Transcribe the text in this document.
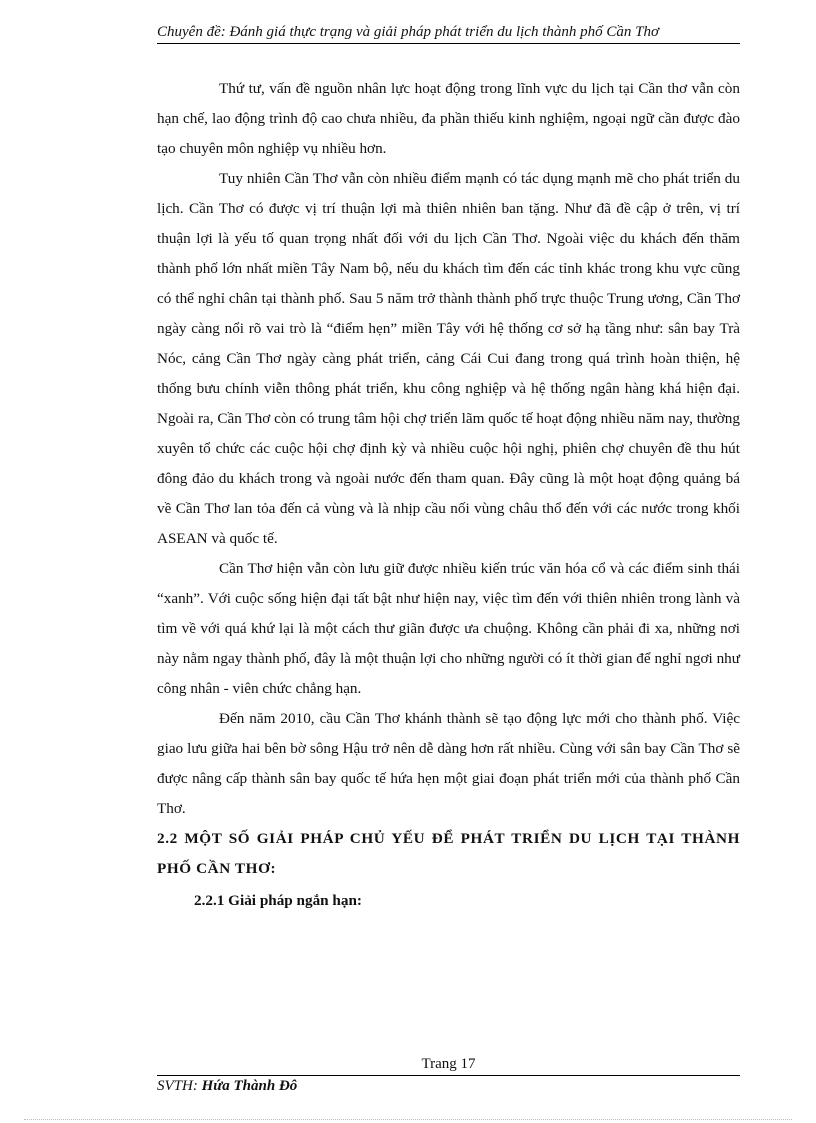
Chuyên đề: Đánh giá thực trạng và giải pháp phát triển du lịch thành phố Cần Thơ

Thứ tư, vấn đề nguồn nhân lực hoạt động trong lĩnh vực du lịch tại Cần thơ vẫn còn hạn chế, lao động trình độ cao chưa nhiều, đa phần thiếu kinh nghiệm, ngoại ngữ cần được đào tạo chuyên môn nghiệp vụ nhiều hơn.

Tuy nhiên Cần Thơ vẫn còn nhiều điểm mạnh có tác dụng mạnh mẽ cho phát triển du lịch. Cần Thơ có được vị trí thuận lợi mà thiên nhiên ban tặng. Như đã đề cập ở trên, vị trí thuận lợi là yếu tố quan trọng nhất đối với du lịch Cần Thơ. Ngoài việc du khách đến thăm thành phố lớn nhất miền Tây Nam bộ, nếu du khách tìm đến các tỉnh khác trong khu vực cũng có thể nghỉ chân tại thành phố. Sau 5 năm trở thành thành phố trực thuộc Trung ương, Cần Thơ ngày càng nổi rõ vai trò là “điểm hẹn” miền Tây với hệ thống cơ sở hạ tầng như: sân bay Trà Nóc, cảng Cần Thơ ngày càng phát triển, cảng Cái Cui đang trong quá trình hoàn thiện, hệ thống bưu chính viễn thông phát triển, khu công nghiệp và hệ thống ngân hàng khá hiện đại. Ngoài ra, Cần Thơ còn có trung tâm hội chợ triển lãm quốc tế hoạt động nhiều năm nay, thường xuyên tổ chức các cuộc hội chợ định kỳ và nhiều cuộc hội nghị, phiên chợ chuyên đề thu hút đông đảo du khách trong và ngoài nước đến tham quan. Đây cũng là một hoạt động quảng bá về Cần Thơ lan tỏa đến cả vùng và là nhịp cầu nối vùng châu thổ đến với các nước trong khối ASEAN và quốc tế.

Cần Thơ hiện vẫn còn lưu giữ được nhiều kiến trúc văn hóa cổ và các điểm sinh thái “xanh”. Với cuộc sống hiện đại tất bật như hiện nay, việc tìm đến với thiên nhiên trong lành và tìm về với quá khứ lại là một cách thư giãn được ưa chuộng. Không cần phải đi xa, những nơi này nằm ngay thành phố, đây là một thuận lợi cho những người có ít thời gian để nghỉ ngơi như công nhân - viên chức chẳng hạn.

Đến năm 2010, cầu Cần Thơ khánh thành sẽ tạo động lực mới cho thành phố. Việc giao lưu giữa hai bên bờ sông Hậu trở nên dễ dàng hơn rất nhiều. Cùng với sân bay Cần Thơ sẽ được nâng cấp thành sân bay quốc tế hứa hẹn một giai đoạn phát triển mới của thành phố Cần Thơ.

2.2 MỘT SỐ GIẢI PHÁP CHỦ YẾU ĐỂ PHÁT TRIỂN DU LỊCH TẠI THÀNH PHỐ CẦN THƠ:

2.2.1 Giải pháp ngắn hạn:

Trang 17
SVTH: Hứa Thành Đô
